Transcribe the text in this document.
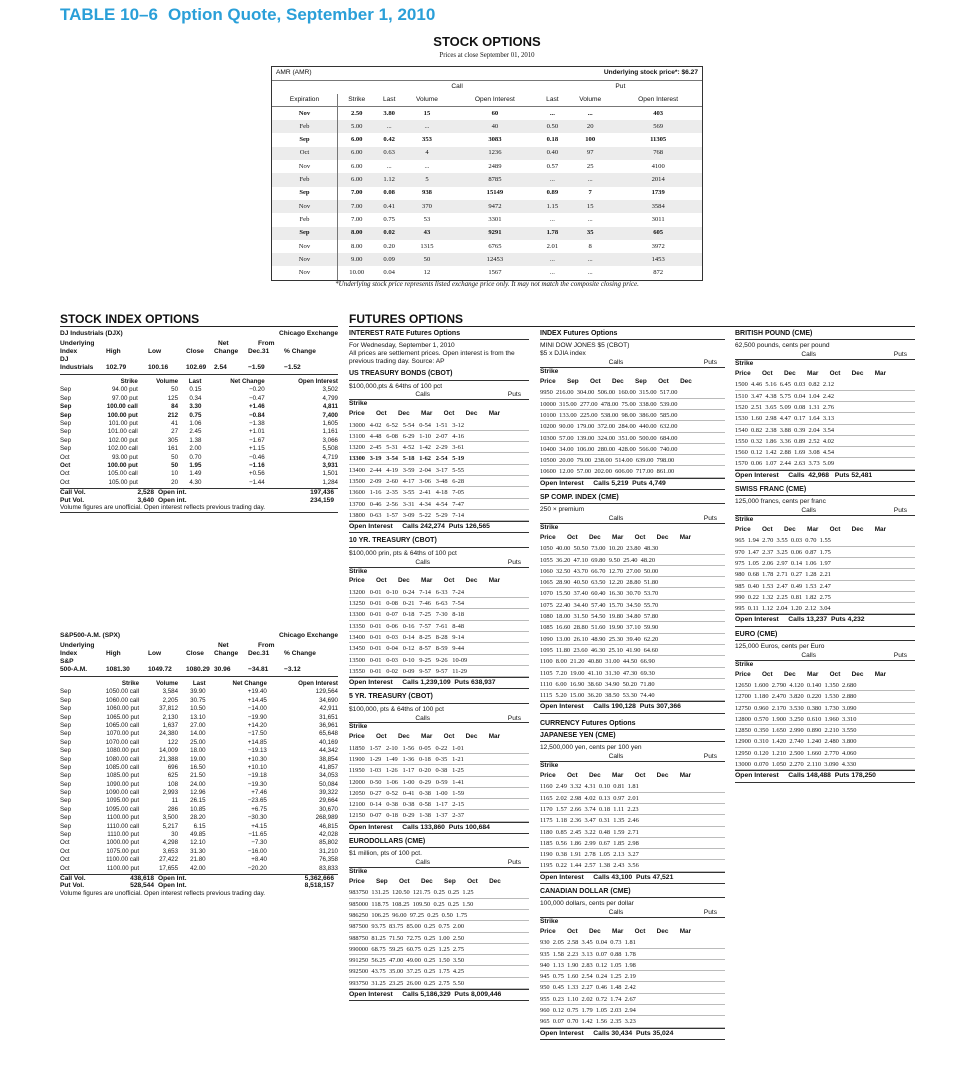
TABLE 10–6 Option Quote, September 1, 2010
STOCK OPTIONS
Prices at close September 01, 2010
AMR (AMR)			Underlying stock price*: $6.27				
		Call			Put		
Expiration	Strike	Last	Volume	Open Interest	Last	Volume	Open Interest
Nov	2.50	3.80	15	60	...	...	403
Feb	5.00	...	...	40	0.50	20	569
Sep	6.00	0.42	353	3083	0.18	100	11305
Oct	6.00	0.63	4	1236	0.40	97	768
Nov	6.00	...	...	2489	0.57	25	4100
Feb	6.00	1.12	5	8785	...	...	2014
Sep	7.00	0.08	938	15149	0.89	7	1739
Nov	7.00	0.41	370	9472	1.15	15	3584
Feb	7.00	0.75	53	3301	...	...	3011
Sep	8.00	0.02	43	9291	1.78	35	605
Nov	8.00	0.20	1315	6765	2.01	8	3972
Nov	9.00	0.09	50	12453	...	...	1453
Nov	10.00	0.04	12	1567	...	...	872
*Underlying stock price represents listed exchange price only. It may not match the composite closing price.
STOCK INDEX OPTIONS	FUTURES OPTIONS
DJ Industrials (DJX)	Chicago Exchange
Underlying	Net	From
Index	High	Low	Close	Change	Dec.31	% Change
DJ
Industrials	102.79	100.16	102.69	2.54	−1.59	−1.52
	Strike	Volume	Last	Net Change	Open Interest
Sep	94.00 put	50	0.15	−0.20	3,502
Sep	97.00 put	125	0.34	−0.47	4,799
Sep	100.00 call	84	3.30	+1.46	4,811
Sep	100.00 put	212	0.75	−0.84	7,400
Sep	101.00 put	41	1.06	−1.38	1,605
Sep	101.00 call	27	2.45	+1.01	1,161
Sep	102.00 put	305	1.38	−1.67	3,066
Sep	102.00 call	161	2.00	+1.15	5,508
Oct	93.00 put	50	0.70	−0.46	4,719
Oct	100.00 put	50	1.95	−1.16	3,931
Oct	105.00 call	10	1.49	+0.56	1,501
Oct	105.00 put	20	4.30	−1.44	1,284
Call Vol.	2,528 Open int.	197,436
Put Vol.	3,640 Open int.	234,159
Volume figures are unofficial. Open interest reflects previous trading day.
S&P500-A.M. (SPX)	Chicago Exchange
Underlying	Net	From
Index	High	Low	Close	Change	Dec.31	% Change
S&P
500-A.M.	1081.30	1049.72	1080.29 30.96	−34.81	−3.12
	Strike	Volume	Last	Net Change	Open Interest
Sep	1050.00 call	3,584	39.90	+19.40	129,564
Sep	1060.00 call	2,205	30.75	+14.45	34,690
Sep	1060.00 put	37,812	10.50	−14.00	42,911
Sep	1065.00 put	2,130	13.10	−19.90	31,651
Sep	1065.00 call	1,637	27.00	+14.20	36,961
Sep	1070.00 put	24,380	14.00	−17.50	65,648
Sep	1070.00 call	122	25.00	+14.85	40,169
Sep	1080.00 put	14,009	18.00	−19.13	44,342
Sep	1080.00 call	21,388	19.00	+10.30	38,854
Sep	1085.00 call	696	16.50	+10.10	41,857
Sep	1085.00 put	625	21.50	−19.18	34,053
Sep	1090.00 put	108	24.00	−19.30	50,084
Sep	1090.00 call	2,993	12.96	+7.46	39,322
Sep	1095.00 put	11	26.15	−23.65	29,664
Sep	1095.00 call	286	10.85	+6.75	30,670
Sep	1100.00 put	3,500	28.20	−30.30	268,989
Sep	1110.00 call	5,217	6.15	+4.15	46,815
Sep	1110.00 put	30	49.85	−11.65	42,028
Oct	1000.00 put	4,298	12.10	−7.30	85,802
Oct	1075.00 put	3,653	31.30	−16.00	31,210
Oct	1100.00 call	27,422	21.80	+8.40	76,358
Oct	1100.00 put	17,655	42.00	−20.20	83,833
Call Vol.	438,618 Open Int.	5,362,666
Put Vol.	528,544 Open Int.	8,518,157
Volume figures are unofficial. Open interest reflects previous trading day.
INTEREST RATE Futures Options
For Wednesday, September 1, 2010
All prices are settlement prices. Open interest is from the previous trading day. Source: AP
US TREASURY BONDS (CBOT)
$100,000,pts & 64ths of 100 pct
Calls	Puts
Strike
Price   Oct   Dec   Mar   Oct   Dec   Mar
13000   4-02   6-52   5-54   0-54   1-51   3-12
13100   4-48   6-08   6-29   1-10   2-07   4-16
13200   2-45   5-31   4-52   1-42   2-29   3-61
13300   3-19   3-54   5-18   1-62   2-54   5-19
13400   2-44   4-19   3-59   2-04   3-17   5-55
13500   2-09   2-60   4-17   3-06   3-48   6-28
13600   1-16   2-35   3-55   2-41   4-18   7-05
13700   0-46   2-56   3-31   4-34   4-54   7-47
13800   0-63   1-57   3-09   5-22   5-29   7-14
Open Interest     Calls 242,274  Puts 126,565
10 YR. TREASURY (CBOT)
$100,000 prin, pts & 64ths of 100 pct
Calls	Puts
Strike
Price   Oct   Dec   Mar   Oct   Dec   Mar
13200   0-01   0-10   0-24   7-14   6-33   7-24
13250   0-01   0-08   0-21   7-46   6-63   7-54
13300   0-01   0-07   0-18   7-25   7-30   8-18
13350   0-01   0-06   0-16   7-57   7-61   8-48
13400   0-01   0-03   0-14   8-25   8-28   9-14
13450   0-01   0-04   0-12   8-57   8-59   9-44
13500   0-01   0-03   0-10   9-25   9-26   10-09
13550   0-01   0-02   0-09   9-57   9-57   11-29
Open Interest     Calls 1,239,109  Puts 638,937
5 YR. TREASURY (CBOT)
$100,000, pts & 64ths of 100 pct
Calls	Puts
Strike
Price   Oct   Dec   Mar   Oct   Dec   Mar
11850   1-57   2-10   1-56   0-05   0-22   1-01
11900   1-29   1-49   1-36   0-18   0-35   1-21
11950   1-03   1-26   1-17   0-20   0-38   1-25
12000   0-50   1-06   1-00   0-29   0-59   1-41
12050   0-27   0-52   0-41   0-38   1-00   1-59
12100   0-14   0-38   0-38   0-58   1-17   2-15
12150   0-07   0-18   0-29   1-38   1-37   2-37
Open Interest     Calls 133,860  Puts 100,684
EURODOLLARS (CME)
$1 million, pts of 100 pct.
Calls	Puts
Strike
Price   Sep   Oct   Dec   Sep   Oct   Dec
983750  131.25  120.50  121.75  0.25  0.25  1.25
985000  118.75  108.25  109.50  0.25  0.25  1.50
986250  106.25  96.00  97.25  0.25  0.50  1.75
987500  93.75  83.75  85.00  0.25  0.75  2.00
988750  81.25  71.50  72.75  0.25  1.00  2.50
990000  68.75  59.25  60.75  0.25  1.25  2.75
991250  56.25  47.00  49.00  0.25  1.50  3.50
992500  43.75  35.00  37.25  0.25  1.75  4.25
993750  31.25  23.25  26.00  0.25  2.75  5.50
Open Interest     Calls 5,186,329  Puts 8,009,446
INDEX Futures Options
MINI DOW JONES $5 (CBOT)
$5 x DJIA index
Calls	Puts
Strike
Price   Sep   Oct   Dec   Sep   Oct   Dec
9950  216.00  304.00  506.00  160.00  315.00  517.00
10000  315.00  277.00  478.00  75.00  338.00  539.00
10100  133.00  225.00  538.00  98.00  386.00  585.00
10200  90.00  179.00  372.00  284.00  440.00  632.00
10300  57.00  139.00  324.00  351.00  500.00  684.00
10400  34.00  106.00  280.00  428.00  566.00  740.00
10500  20.00  79.00  238.00  514.00  639.00  798.00
10600  12.00  57.00  202.00  606.00  717.00  861.00
Open Interest     Calls 5,219  Puts 4,749
SP COMP. INDEX (CME)
250 × premium
Calls	Puts
Strike
Price   Oct   Dec   Mar   Oct   Dec   Mar
1050  40.00  50.50  73.00  10.20  23.80  48.30
1055  36.20  47.10  69.80  9.50  25.40  48.20
1060  32.50  43.70  66.70  12.70  27.00  50.00
1065  28.90  40.50  63.50  12.20  28.80  51.80
1070  15.50  37.40  60.40  16.30  30.70  53.70
1075  22.40  34.40  57.40  15.70  34.50  55.70
1080  18.00  31.50  54.50  19.80  34.80  57.80
1085  16.60  28.80  51.60  19.90  37.10  59.90
1090  13.00  26.10  48.90  25.30  39.40  62.20
1095  11.80  23.60  46.30  25.10  41.90  64.60
1100  8.00  21.20  40.80  31.00  44.50  66.90
1105  7.20  19.00  41.10  31.30  47.30  69.30
1110  6.00  16.90  38.60  34.90  50.20  71.80
1115  5.20  15.00  36.20  38.50  53.30  74.40
Open Interest     Calls 190,128  Puts 307,366
CURRENCY Futures Options
JAPANESE YEN (CME)
12,500,000 yen, cents per 100 yen
Calls	Puts
Strike
Price   Oct   Dec   Mar   Oct   Dec   Mar
1160  2.49  3.32  4.31  0.10  0.81  1.81
1165  2.02  2.98  4.02  0.13  0.97  2.01
1170  1.57  2.66  3.74  0.18  1.11  2.23
1175  1.18  2.36  3.47  0.31  1.35  2.46
1180  0.85  2.45  3.22  0.48  1.59  2.71
1185  0.56  1.86  2.99  0.67  1.85  2.98
1190  0.38  1.91  2.78  1.05  2.13  3.27
1195  0.22  1.44  2.57  1.38  2.43  3.56
Open Interest     Calls 43,100  Puts 47,521
CANADIAN DOLLAR (CME)
100,000 dollars, cents per dollar
Calls	Puts
Strike
Price   Oct   Dec   Mar   Oct   Dec   Mar
930  2.05  2.58  3.45  0.04  0.73  1.81
935  1.58  2.23  3.13  0.07  0.88  1.78
940  1.13  1.90  2.83  0.12  1.05  1.98
945  0.75  1.60  2.54  0.24  1.25  2.19
950  0.45  1.33  2.27  0.46  1.48  2.42
955  0.23  1.10  2.02  0.72  1.74  2.67
960  0.12  0.75  1.79  1.05  2.03  2.94
965  0.07  0.70  1.42  1.56  2.35  3.23
Open Interest     Calls 30,434  Puts 35,024
BRITISH POUND (CME)
62,500 pounds, cents per pound
Calls	Puts
Strike
Price   Oct   Dec   Mar   Oct   Dec   Mar
1500  4.46  5.16  6.45  0.03  0.82  2.12
1510  3.47  4.38  5.75  0.04  1.04  2.42
1520  2.51  3.65  5.09  0.08  1.31  2.76
1530  1.60  2.98  4.47  0.17  1.64  3.13
1540  0.82  2.38  3.88  0.39  2.04  3.54
1550  0.32  1.86  3.36  0.89  2.52  4.02
1560  0.12  1.42  2.88  1.69  3.08  4.54
1570  0.06  1.07  2.44  2.63  3.73  5.09
Open Interest     Calls  42,968   Puts 52,481
SWISS FRANC (CME)
125,000 francs, cents per franc
Calls	Puts
Strike
Price   Oct   Dec   Mar   Oct   Dec   Mar
965  1.94  2.70  3.55  0.03  0.70  1.55
970  1.47  2.37  3.25  0.06  0.87  1.75
975  1.05  2.06  2.97  0.14  1.06  1.97
980  0.68  1.78  2.71  0.27  1.28  2.21
985  0.40  1.53  2.47  0.49  1.53  2.47
990  0.22  1.32  2.25  0.81  1.82  2.75
995  0.11  1.12  2.04  1.20  2.12  3.04
Open Interest     Calls 13,237  Puts 4,232
EURO (CME)
125,000 Euros, cents per Euro
Calls	Puts
Strike
Price   Oct   Dec   Mar   Oct   Dec   Mar
12650  1.600  2.790  4.120  0.140  1.350  2.680
12700  1.180  2.470  3.820  0.220  1.530  2.880
12750  0.960  2.170  3.530  0.380  1.730  3.090
12800  0.570  1.900  3.250  0.610  1.960  3.310
12850  0.350  1.650  2.990  0.890  2.210  3.550
12900  0.310  1.420  2.740  1.240  2.480  3.800
12950  0.120  1.210  2.500  1.660  2.770  4.060
13000  0.070  1.050  2.270  2.110  3.090  4.330
Open Interest     Calls 148,488  Puts 178,250
